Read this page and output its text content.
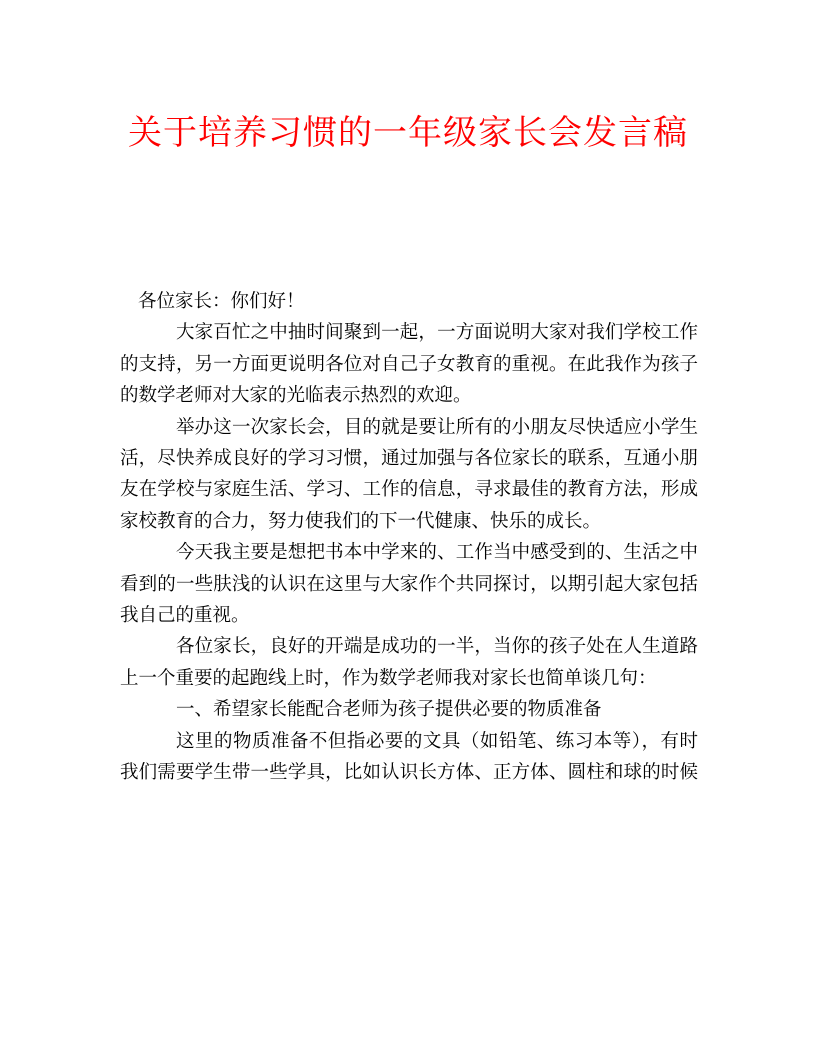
关于培养习惯的一年级家长会发言稿

各位家长：你们好！

大家百忙之中抽时间聚到一起，一方面说明大家对我们学校工作
的支持，另一方面更说明各位对自己子女教育的重视。在此我作为孩子
的数学老师对大家的光临表示热烈的欢迎。
举办这一次家长会，目的就是要让所有的小朋友尽快适应小学生
活，尽快养成良好的学习习惯，通过加强与各位家长的联系，互通小朋
友在学校与家庭生活、学习、工作的信息，寻求最佳的教育方法，形成
家校教育的合力，努力使我们的下一代健康、快乐的成长。
今天我主要是想把书本中学来的、工作当中感受到的、生活之中
看到的一些肤浅的认识在这里与大家作个共同探讨，以期引起大家包括
我自己的重视。
各位家长，良好的开端是成功的一半，当你的孩子处在人生道路
上一个重要的起跑线上时，作为数学老师我对家长也简单谈几句：
一、希望家长能配合老师为孩子提供必要的物质准备
这里的物质准备不但指必要的文具（如铅笔、练习本等），有时
我们需要学生带一些学具，比如认识长方体、正方体、圆柱和球的时候
